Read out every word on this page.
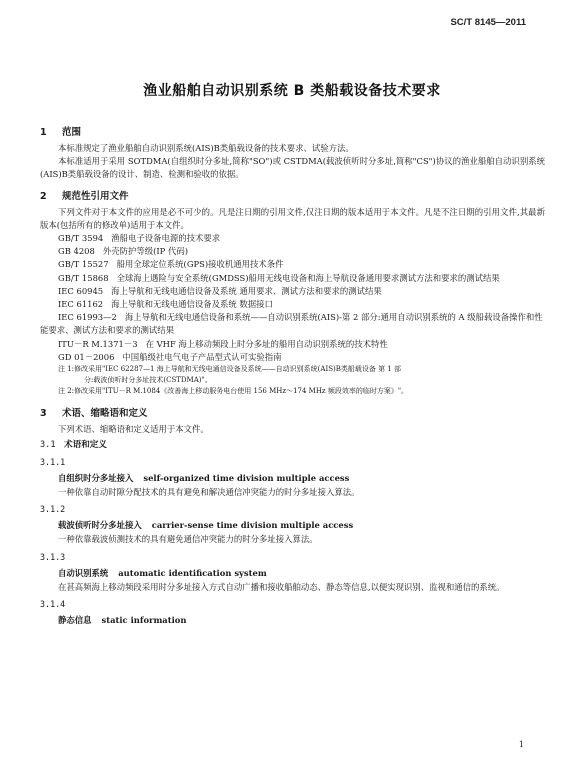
SC/T 8145—2011
渔业船舶自动识别系统 B 类船载设备技术要求
1 范围

本标准规定了渔业船舶自动识别系统(AIS)B类船载设备的技术要求、试验方法。

本标准适用于采用 SOTDMA(自组织时分多址,简称"SO")或 CSTDMA(载波侦听时分多址,简称"CS")协议的渔业船舶自动识别系统(AIS)B类船载设备的设计、制造、检测和验收的依据。

2 规范性引用文件

下列文件对于本文件的应用是必不可少的。凡是注日期的引用文件,仅注日期的版本适用于本文件。凡是不注日期的引用文件,其最新版本(包括所有的修改单)适用于本文件。

GB/T 3594 渔船电子设备电源的技术要求
GB 4208 外壳防护等级(IP 代码)
GB/T 15527 船用全球定位系统(GPS)接收机通用技术条件
GB/T 15868 全球海上遇险与安全系统(GMDSS)船用无线电设备和海上导航设备通用要求测试方法和要求的测试结果
IEC 60945 海上导航和无线电通信设备及系统 通用要求、测试方法和要求的测试结果
IEC 61162 海上导航和无线电通信设备及系统 数据接口
IEC 61993—2 海上导航和无线电通信设备和系统——自动识别系统(AIS)-第 2 部分:通用自动识别系统的 A 级船载设备操作和性能要求、测试方法和要求的测试结果
ITU－R M.1371－3 在 VHF 海上移动频段上时分多址的船用自动识别系统的技术特性
GD 01－2006 中国船级社电气电子产品型式认可实验指南
注 1:修改采用"IEC 62287—1 海上导航和无线电通信设备及系统——自动识别系统(AIS)B类船载设备 第 1 部
分:载波侦听时分多址技术(CSTDMA)"。
注 2:修改采用"ITU－R M.1084《改善海上移动服务电台使用 156 MHz～174 MHz 频段效率的临时方案》"。
3 术语、缩略语和定义

下列术语、缩略语和定义适用于本文件。

3.1 术语和定义
3.1.1
自组织时分多址接入 self-organized time division multiple access

一种依靠自动时隙分配技术的具有避免和解决通信冲突能力的时分多址接入算法。

3.1.2
载波侦听时分多址接入 carrier-sense time division multiple access

一种依靠载波侦测技术的具有避免通信冲突能力的时分多址接入算法。

3.1.3
自动识别系统 automatic identification system

在甚高频海上移动频段采用时分多址接入方式自动广播和接收船舶动态、静态等信息,以便实现识别、监视和通信的系统。

3.1.4
静态信息 static information
1
